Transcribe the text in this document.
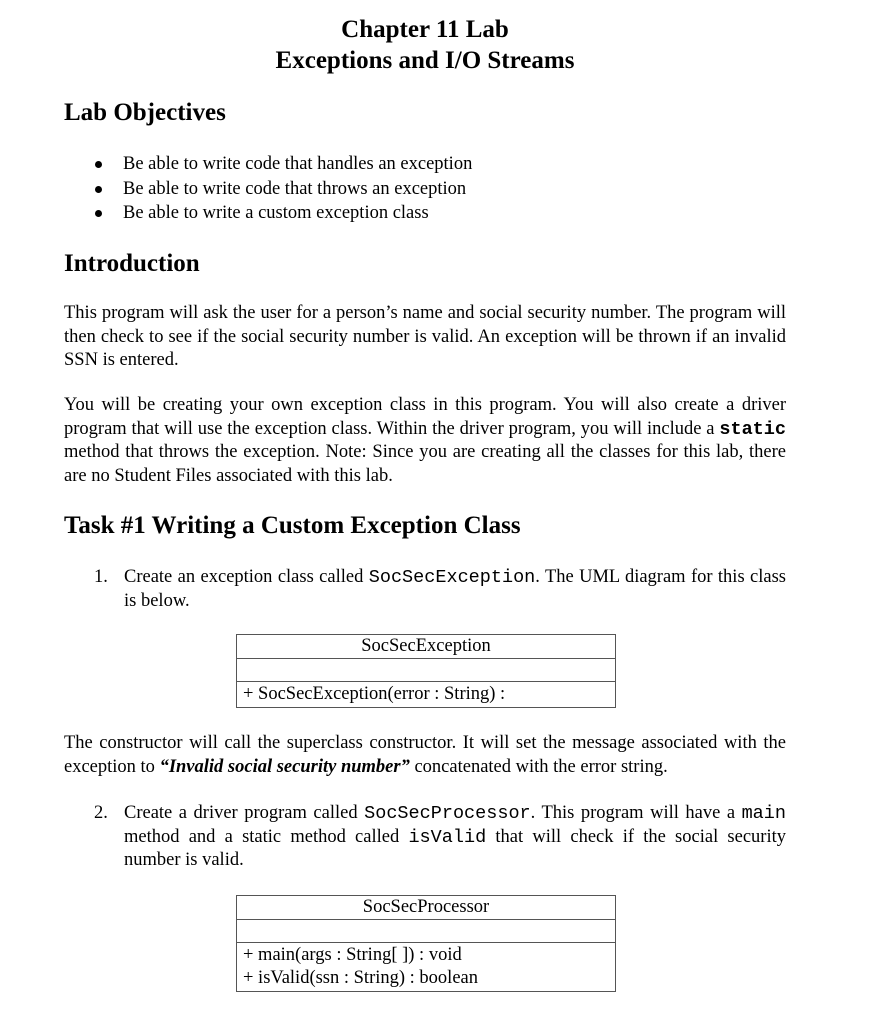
Chapter 11 Lab
Exceptions and I/O Streams
Lab Objectives
Be able to write code that handles an exception
Be able to write code that throws an exception
Be able to write a custom exception class
Introduction

This program will ask the user for a person’s name and social security number. The program will then check to see if the social security number is valid. An exception will be thrown if an invalid SSN is entered.

You will be creating your own exception class in this program. You will also create a driver program that will use the exception class. Within the driver program, you will include a static method that throws the exception. Note: Since you are creating all the classes for this lab, there are no Student Files associated with this lab.

Task #1 Writing a Custom Exception Class
1. Create an exception class called SocSecException. The UML diagram for this class is below.
SocSecException
+ SocSecException(error : String) :

The constructor will call the superclass constructor. It will set the message associated with the exception to “Invalid social security number” concatenated with the error string.

2. Create a driver program called SocSecProcessor. This program will have a main method and a static method called isValid that will check if the social security number is valid.
SocSecProcessor
+ main(args : String[ ]) : void
+ isValid(ssn : String) : boolean
